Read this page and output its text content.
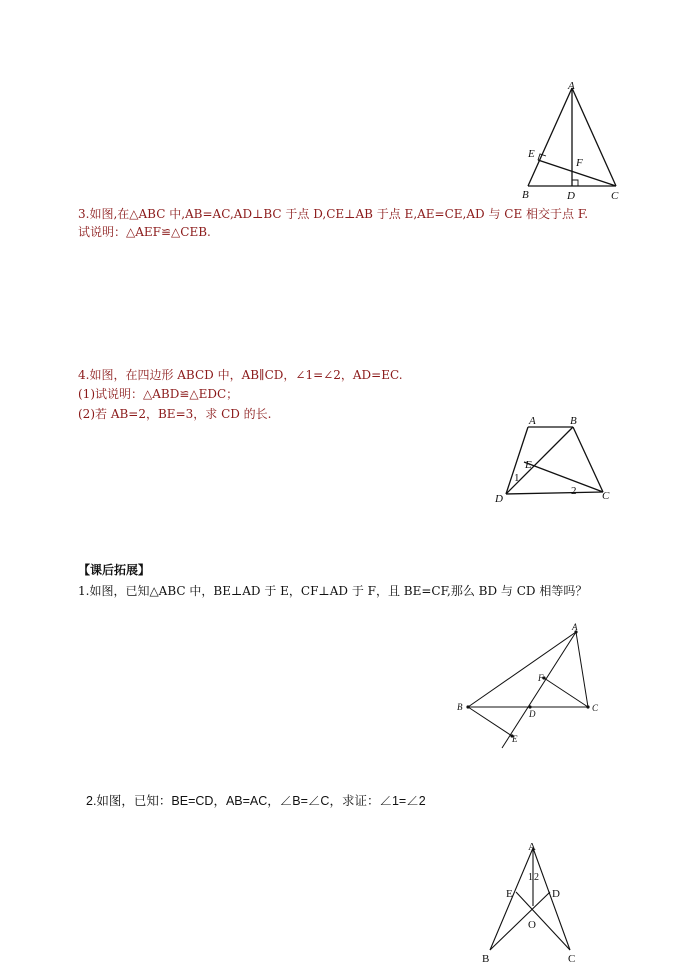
A
E
F
B	D	C
3.如图,在△ABC 中,AB=AC,AD⊥BC 于点 D,CE⊥AB 于点 E,AE=CE,AD 与 CE 相交于点 F.
试说明：△AEF≌△CEB.
4.如图，在四边形 ABCD 中，AB∥CD，∠1=∠2，AD=EC.
(1)试说明：△ABD≌△EDC；
(2)若 AB=2，BE=3，求 CD 的长.	A	B
E
1
2
D	C
【课后拓展】
1.如图，已知△ABC 中，BE⊥AD 于 E，CF⊥AD 于 F，且 BE=CF,那么 BD 与 CD 相等吗？
A
F
B
D
C
E
2.如图，已知：BE=CD，AB=AC，∠B=∠C，求证：∠1=∠2
A
1 2
E	D
O
B	C
